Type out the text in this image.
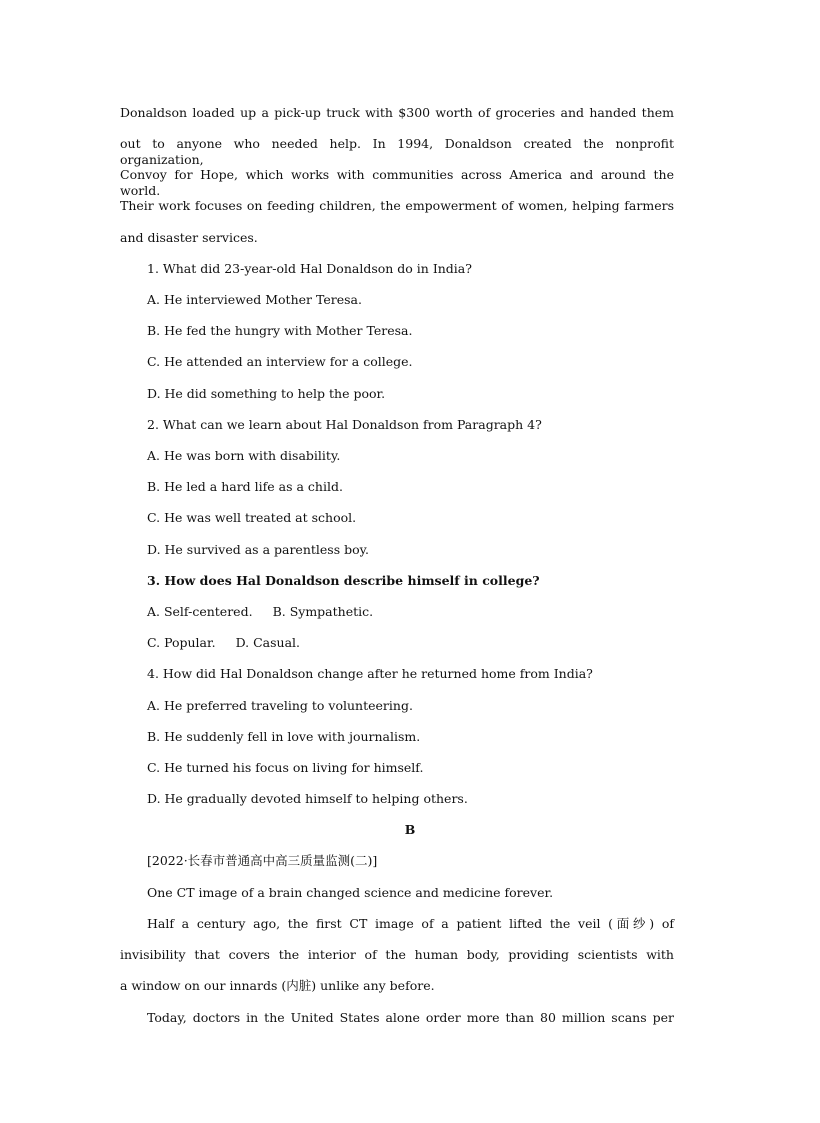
Donaldson loaded up a pick-up truck with $300 worth of groceries and handed them
out to anyone who needed help. In 1994, Donaldson created the nonprofit organization,
Convoy for Hope, which works with communities across America and around the world.
Their work focuses on feeding children, the empowerment of women, helping farmers
and disaster services.
1. What did 23-year-old Hal Donaldson do in India?
A. He interviewed Mother Teresa.
B. He fed the hungry with Mother Teresa.
C. He attended an interview for a college.
D. He did something to help the poor.
2. What can we learn about Hal Donaldson from Paragraph 4?
A. He was born with disability.
B. He led a hard life as a child.
C. He was well treated at school.
D. He survived as a parentless boy.
3. How does Hal Donaldson describe himself in college?
A. Self-centered. B. Sympathetic.
C. Popular. D. Casual.
4. How did Hal Donaldson change after he returned home from India?
A. He preferred traveling to volunteering.
B. He suddenly fell in love with journalism.
C. He turned his focus on living for himself.
D. He gradually devoted himself to helping others.
B
[2022·长春市普通高中高三质量监测(二)]
One CT image of a brain changed science and medicine forever.
Half a century ago, the first CT image of a patient lifted the veil (面纱) of
invisibility that covers the interior of the human body, providing scientists with
a window on our innards (内脏) unlike any before.
Today, doctors in the United States alone order more than 80 million scans per
